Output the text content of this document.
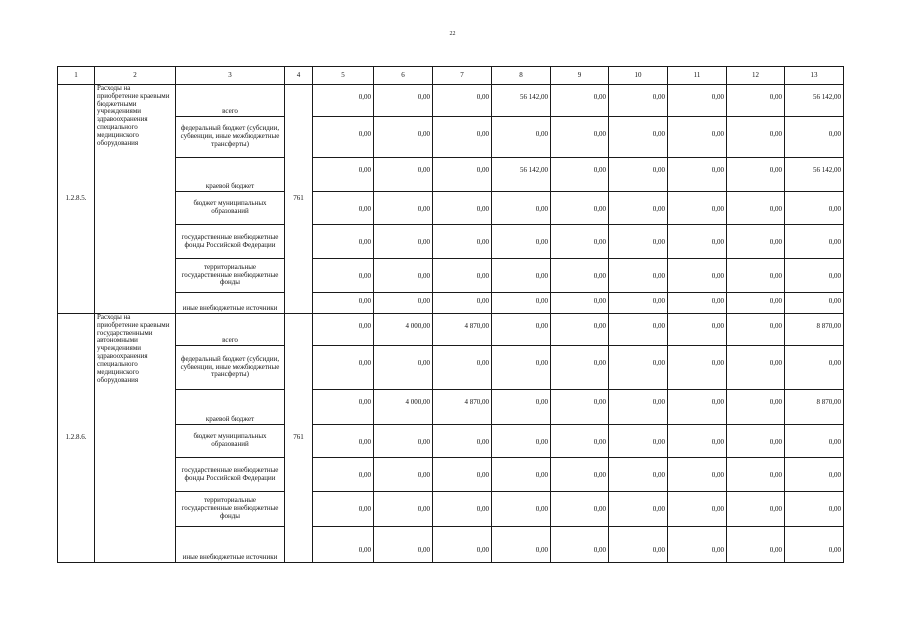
22
1	2	3	4	5	6	7	8	9	10	11	12	13
1.2.8.5.	Расходы на приобретение краевыми бюджетными учреждениями здравоохранения специального медицинского оборудования	всего	761	0,00	0,00	0,00	56 142,00	0,00	0,00	0,00	0,00	56 142,00
		федеральный бюджет (субсидии, субвенции, иные межбюджетные трансферты)		0,00	0,00	0,00	0,00	0,00	0,00	0,00	0,00	0,00
		краевой бюджет		0,00	0,00	0,00	56 142,00	0,00	0,00	0,00	0,00	56 142,00
		бюджет муниципальных образований		0,00	0,00	0,00	0,00	0,00	0,00	0,00	0,00	0,00
		государственные внебюджетные фонды Российской Федерации		0,00	0,00	0,00	0,00	0,00	0,00	0,00	0,00	0,00
		территориальные государственные внебюджетные фонды		0,00	0,00	0,00	0,00	0,00	0,00	0,00	0,00	0,00
		иные внебюджетные источники		0,00	0,00	0,00	0,00	0,00	0,00	0,00	0,00	0,00
1.2.8.6.	Расходы на приобретение краевыми государственными автономными учреждениями здравоохранения специального медицинского оборудования	всего	761	0,00	4 000,00	4 870,00	0,00	0,00	0,00	0,00	0,00	8 870,00
		федеральный бюджет (субсидии, субвенции, иные межбюджетные трансферты)		0,00	0,00	0,00	0,00	0,00	0,00	0,00	0,00	0,00
		краевой бюджет		0,00	4 000,00	4 870,00	0,00	0,00	0,00	0,00	0,00	8 870,00
		бюджет муниципальных образований		0,00	0,00	0,00	0,00	0,00	0,00	0,00	0,00	0,00
		государственные внебюджетные фонды Российской Федерации		0,00	0,00	0,00	0,00	0,00	0,00	0,00	0,00	0,00
		территориальные государственные внебюджетные фонды		0,00	0,00	0,00	0,00	0,00	0,00	0,00	0,00	0,00
		иные внебюджетные источники		0,00	0,00	0,00	0,00	0,00	0,00	0,00	0,00	0,00
